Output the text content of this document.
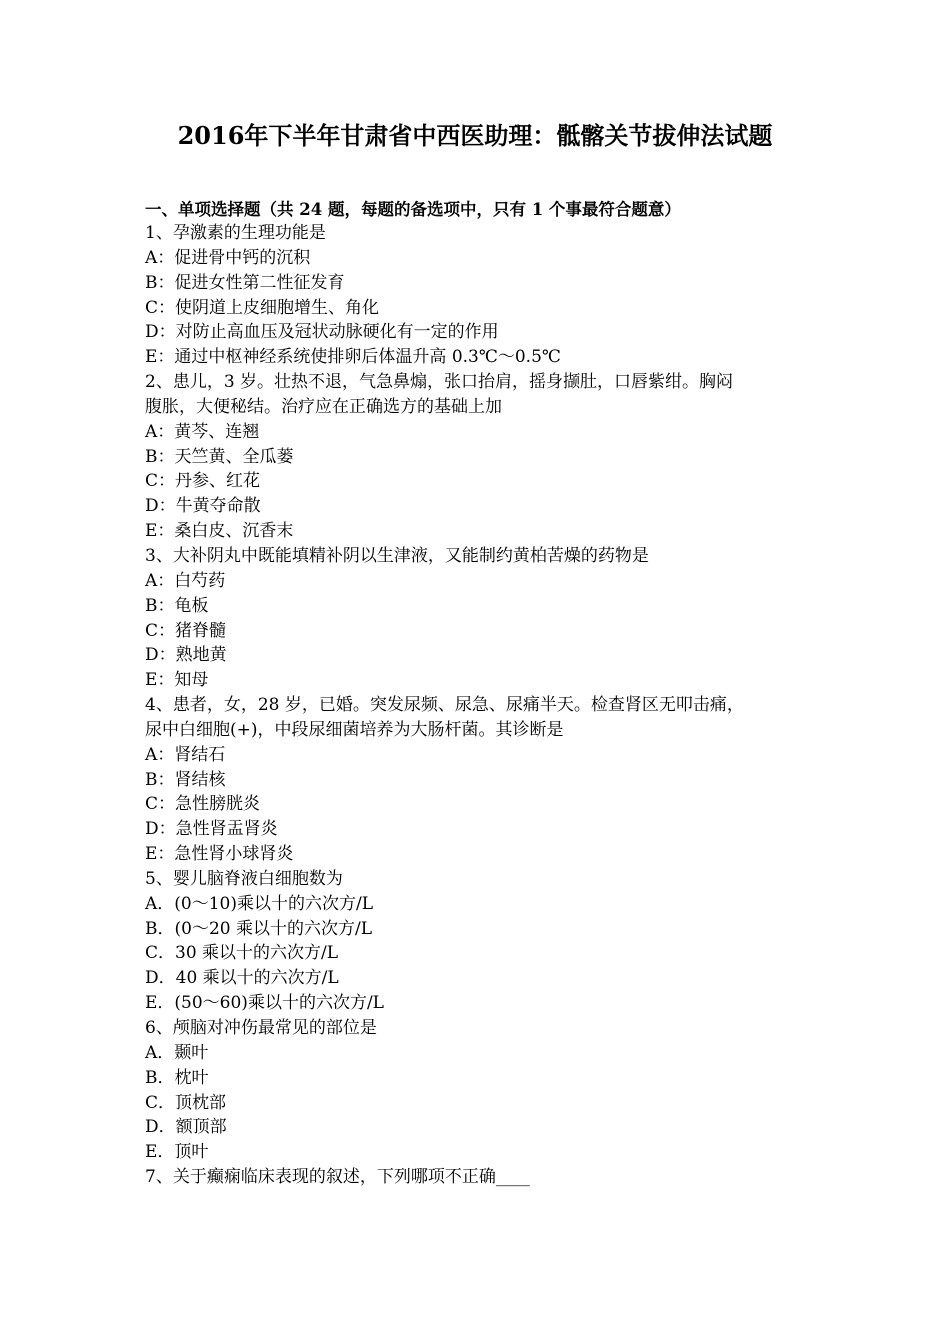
2016年下半年甘肃省中西医助理：骶髂关节拔伸法试题
一、单项选择题（共 24 题，每题的备选项中，只有 1 个事最符合题意）
1、孕激素的生理功能是
A：促进骨中钙的沉积
B：促进女性第二性征发育
C：使阴道上皮细胞增生、角化
D：对防止高血压及冠状动脉硬化有一定的作用
E：通过中枢神经系统使排卵后体温升高 0.3℃～0.5℃
2、患儿，3 岁。壮热不退，气急鼻煽，张口抬肩，摇身撷肚，口唇紫绀。胸闷
腹胀，大便秘结。治疗应在正确选方的基础上加
A：黄芩、连翘
B：天竺黄、全瓜蒌
C：丹参、红花
D：牛黄夺命散
E：桑白皮、沉香末
3、大补阴丸中既能填精补阴以生津液，又能制约黄柏苦燥的药物是
A：白芍药
B：龟板
C：猪脊髓
D：熟地黄
E：知母
4、患者，女，28 岁，已婚。突发尿频、尿急、尿痛半天。检查肾区无叩击痛，
尿中白细胞(+)，中段尿细菌培养为大肠杆菌。其诊断是
A：肾结石
B：肾结核
C：急性膀胱炎
D：急性肾盂肾炎
E：急性肾小球肾炎
5、婴儿脑脊液白细胞数为
A．(0～10)乘以十的六次方/L
B．(0～20 乘以十的六次方/L
C．30 乘以十的六次方/L
D．40 乘以十的六次方/L
E．(50～60)乘以十的六次方/L
6、颅脑对冲伤最常见的部位是
A．颞叶
B．枕叶
C．顶枕部
D．额顶部
E．顶叶
7、关于癫痫临床表现的叙述，下列哪项不正确____
